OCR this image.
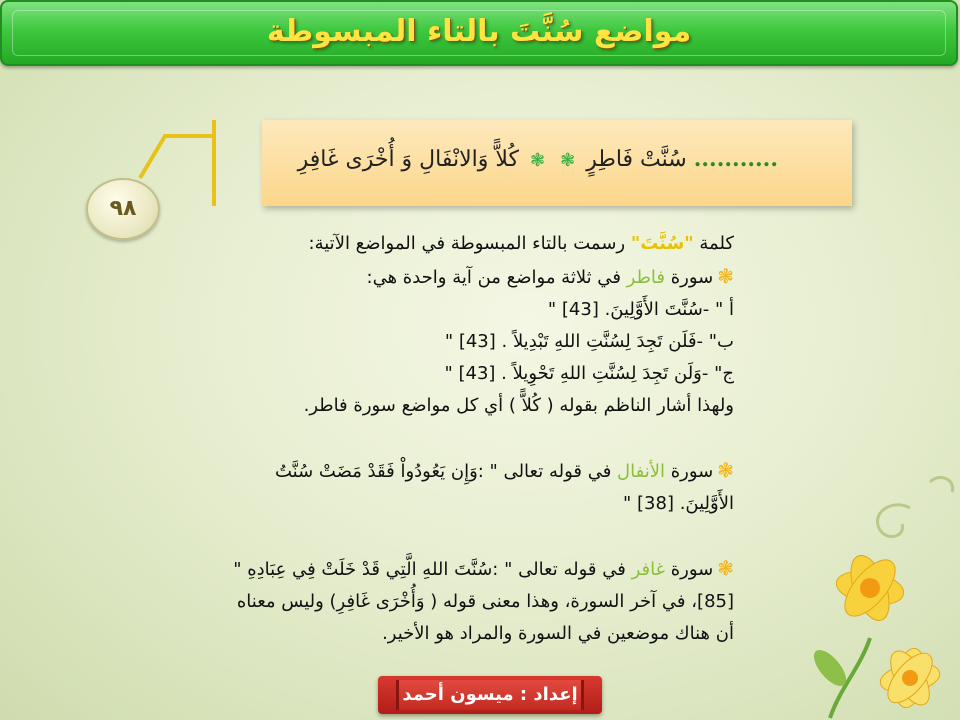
مواضع سُنَّتَ بالتاء المبسوطة
٩٨
........... سُنَّتْ فَاطِرٍ ❃ ❃ كُلاًّ وَالانْفَالِ وَ أُخْرَى غَافِرِ

كلمة "سُنَّتَ" رسمت بالتاء المبسوطة في المواضع الآتية:

❃سورة فاطر في ثلاثة مواضع من آية واحدة هي:

أ " -سُنَّتَ الأَوَّلِينَ. [43] "

ب" -فَلَن تَجِدَ لِسُنَّتِ اللهِ تَبْدِيلاً . [43] "

ج" -وَلَن تَجِدَ لِسُنَّتِ اللهِ تَحْوِيلاً . [43] "

ولهذا أشار الناظم بقوله ( كُلاًّ ) أي كل مواضع سورة فاطر.

❃سورة الأنفال في قوله تعالى " :وَإِن يَعُودُواْ فَقَدْ مَضَتْ سُنَّتُ

الأَوَّلِينَ. [38] "

❃سورة غافر في قوله تعالى " :سُنَّتَ اللهِ الَّتِي قَدْ خَلَتْ فِي عِبَادِهِ "

[85]، في آخر السورة، وهذا معنى قوله ( وَأُخْرَى غَافِرِ) وليس معناه أن هناك موضعين في السورة والمراد هو الأخير.

إعداد : ميسون أحمد
